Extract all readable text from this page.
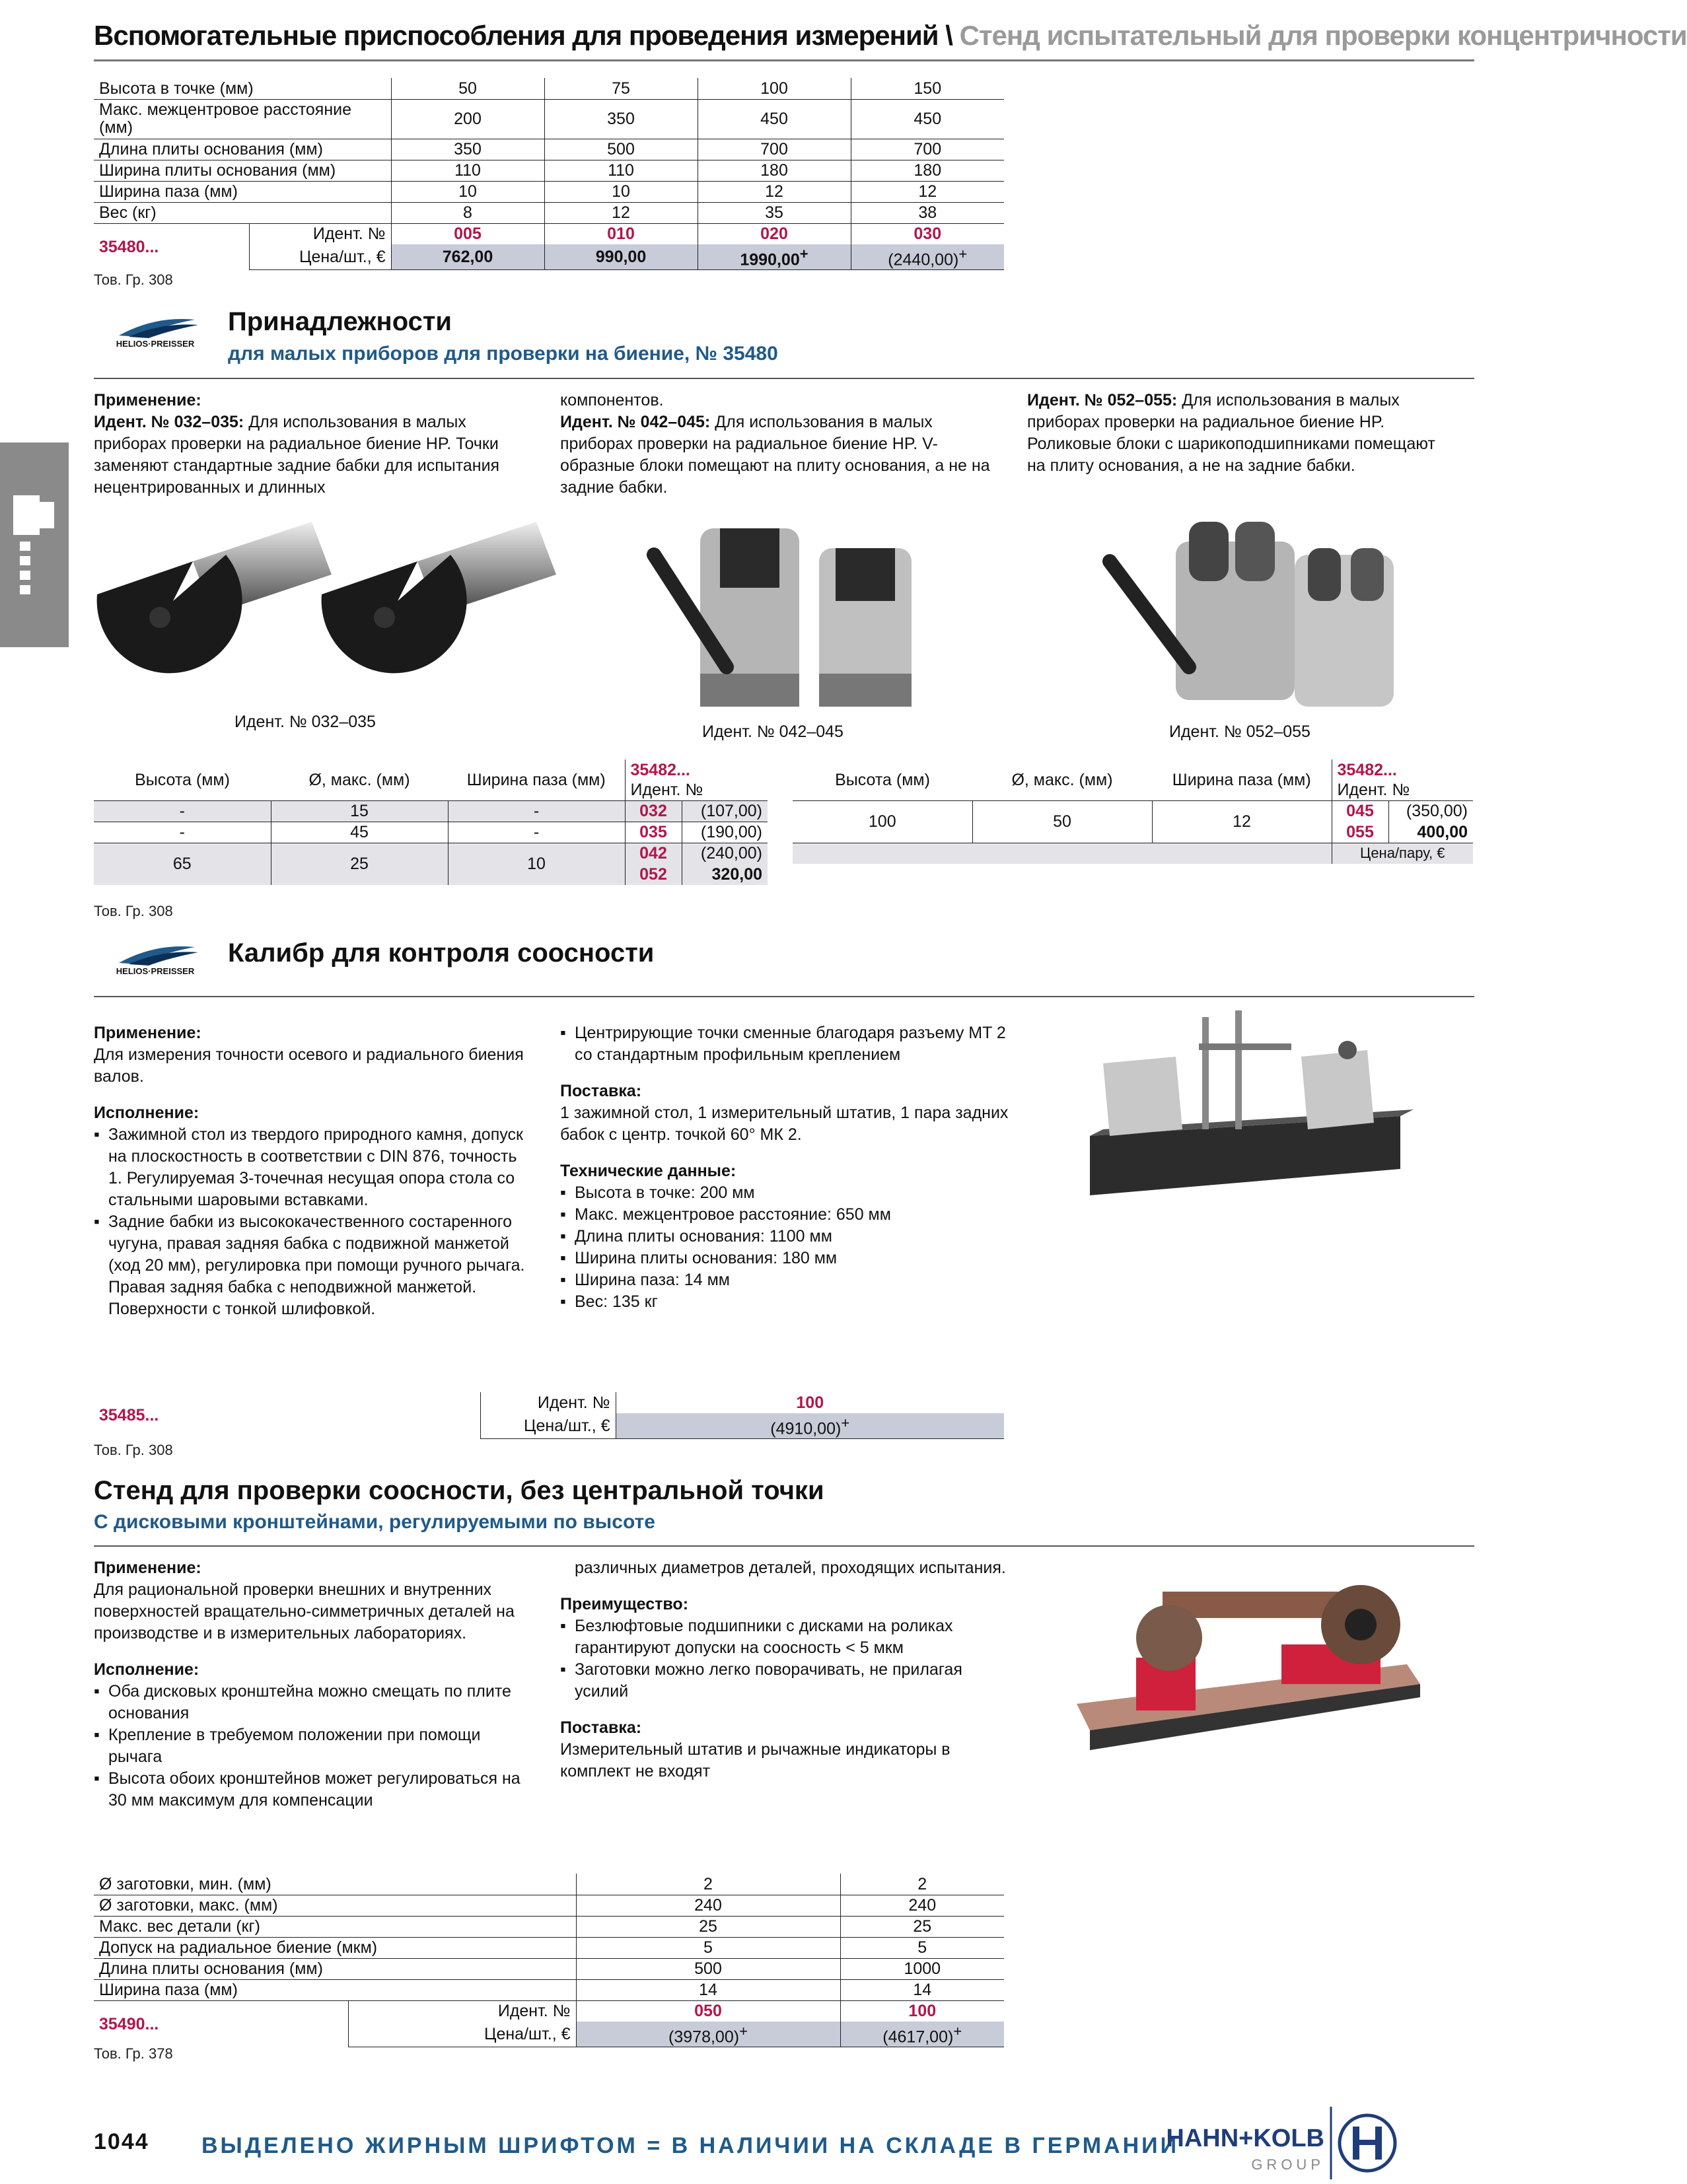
Вспомогательные приспособления для проведения измерений \ Стенд испытательный для проверки концентричности
Высота в точке (мм)		50	75	100	150
Макс. межцентровое расстояние
(мм)		200	350	450	450
Длина плиты основания (мм)		350	500	700	700
Ширина плиты основания (мм)		110	110	180	180
Ширина паза (мм)		10	10	12	12
Вес (кг)		8	12	35	38
35480...	Идент. №	005	010	020	030
	Цена/шт., €	762,00	990,00	1990,00+	(2440,00)+
Тов. Гр. 308
HELIOS·PREISSER
Принадлежности
для малых приборов для проверки на биение, № 35480
Применение:
Идент. № 032–035: Для использования в малых приборах проверки на радиальное биение HP. Точки заменяют стандартные задние бабки для испытания нецентрированных и длинных
компонентов.
Идент. № 042–045: Для использования в малых приборах проверки на радиальное биение HP. V-образные блоки помещают на плиту основания, а не на задние бабки.
Идент. № 052–055: Для использования в малых приборах проверки на радиальное биение HP. Роликовые блоки с шарикоподшипниками помещают на плиту основания, а не на задние бабки.
Идент. № 032–035
Идент. № 042–045	Идент. № 052–055
Высота (мм)	Ø, макс. (мм)	Ширина паза (мм)	35482...	
			Идент. №	
-	15	-	032	(107,00)
-	45	-	035	(190,00)
65	25	10	042	(240,00)
			052	320,00
Высота (мм)	Ø, макс. (мм)	Ширина паза (мм)	35482...	
			Идент. №	
100	50	12	045	(350,00)
			055	400,00
			Цена/пару, €	
Тов. Гр. 308
HELIOS·PREISSER
Калибр для контроля соосности
Применение:
Для измерения точности осевого и радиального биения валов.
Исполнение:
▪ Зажимной стол из твердого природного камня, допуск на плоскостность в соответствии с DIN 876, точность 1. Регулируемая 3-точечная несущая опора стола со стальными шаровыми вставками.
▪ Задние бабки из высококачественного состаренного чугуна, правая задняя бабка с подвижной манжетой (ход 20 мм), регулировка при помощи ручного рычага. Правая задняя бабка с неподвижной манжетой. Поверхности с тонкой шлифовкой.
▪ Центрирующие точки сменные благодаря разъему MT 2 со стандартным профильным креплением
Поставка:
1 зажимной стол, 1 измерительный штатив, 1 пара задних бабок с центр. точкой 60° МК 2.
Технические данные:
▪ Высота в точке: 200 мм
▪ Макс. межцентровое расстояние: 650 мм
▪ Длина плиты основания: 1100 мм
▪ Ширина плиты основания: 180 мм
▪ Ширина паза: 14 мм
▪ Вес: 135 кг
35485...	Идент. №	100
	Цена/шт., €	(4910,00)+
Тов. Гр. 308
Стенд для проверки соосности, без центральной точки
С дисковыми кронштейнами, регулируемыми по высоте
Применение:
Для рациональной проверки внешних и внутренних поверхностей вращательно-симметричных деталей на производстве и в измерительных лабораториях.
Исполнение:
▪ Оба дисковых кронштейна можно смещать по плите основания
▪ Крепление в требуемом положении при помощи рычага
▪ Высота обоих кронштейнов может регулироваться на 30 мм максимум для компенсации
различных диаметров деталей, проходящих испытания.
Преимущество:
▪ Безлюфтовые подшипники с дисками на роликах гарантируют допуски на соосность < 5 мкм
▪ Заготовки можно легко поворачивать, не прилагая усилий
Поставка:
Измерительный штатив и рычажные индикаторы в комплект не входят
Ø заготовки, мин. (мм)		2	2
Ø заготовки, макс. (мм)		240	240
Макс. вес детали (кг)		25	25
Допуск на радиальное биение (мкм)		5	5
Длина плиты основания (мм)		500	1000
Ширина паза (мм)		14	14
35490...	Идент. №	050	100
	Цена/шт., €	(3978,00)+	(4617,00)+
Тов. Гр. 378
1044 ВЫДЕЛЕНО ЖИРНЫМ ШРИФТОМ = В НАЛИЧИИ НА СКЛАДЕ В ГЕРМАНИИ
HAHN+KOLB
GROUP
